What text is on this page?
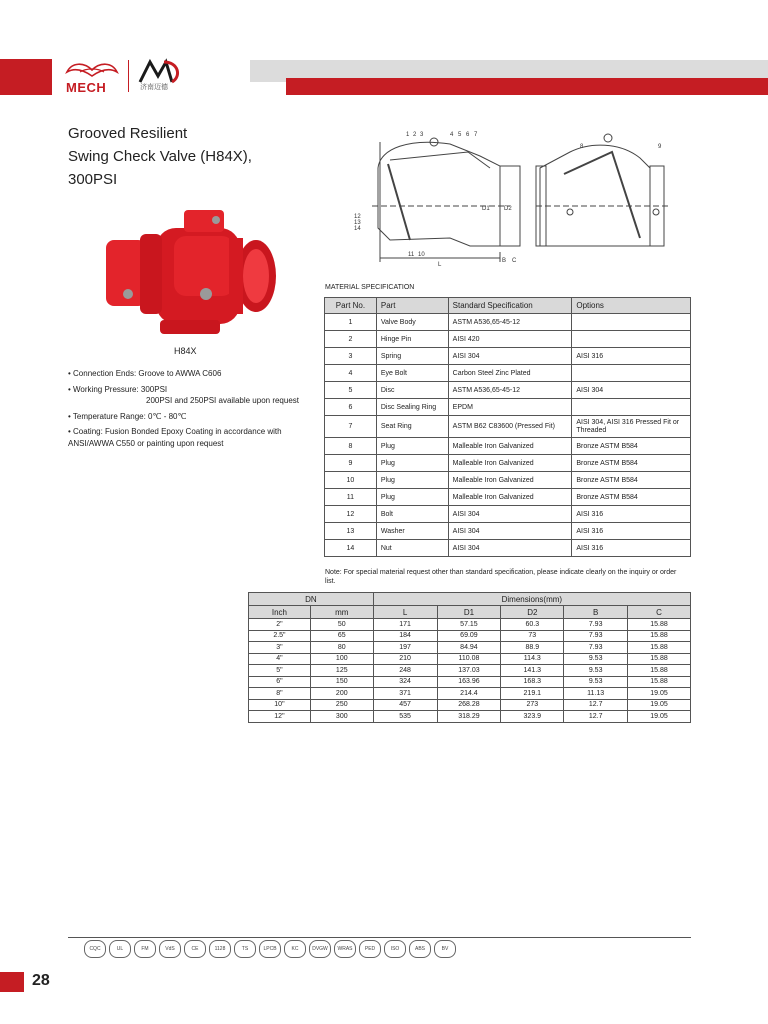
MECH	济南迈德
Grooved Resilient
Swing Check Valve (H84X),
300PSI
H84X
• Connection Ends: Groove to AWWA C606
• Working Pressure: 300PSI
200PSI and 250PSI available upon request
• Temperature Range: 0℃ - 80℃
• Coating: Fusion Bonded Epoxy Coating in accordance with ANSI/AWWA C550 or painting upon request
1 2 3	4 5 6 7
8	9
10
11
12
13
14
L
D1 D2
B C
MATERIAL SPECIFICATION
Part No.	Part	Standard Specification	Options
1	Valve Body	ASTM A536,65-45-12	
2	Hinge Pin	AISI 420	
3	Spring	AISI 304	AISI 316
4	Eye Bolt	Carbon Steel Zinc Plated	
5	Disc	ASTM A536,65-45-12	AISI 304
6	Disc Sealing Ring	EPDM	
7	Seat Ring	ASTM B62 C83600 (Pressed Fit)	AISI 304, AISI 316 Pressed Fit or Threaded
8	Plug	Malleable Iron Galvanized	Bronze ASTM B584
9	Plug	Malleable Iron Galvanized	Bronze ASTM B584
10	Plug	Malleable Iron Galvanized	Bronze ASTM B584
11	Plug	Malleable Iron Galvanized	Bronze ASTM B584
12	Bolt	AISI 304	AISI 316
13	Washer	AISI 304	AISI 316
14	Nut	AISI 304	AISI 316
Note: For special material request other than standard specification, please indicate clearly on the inquiry or order list.
DN		Dimensions(mm)				
Inch	mm	L	D1	D2	B	C
2"	50	171	57.15	60.3	7.93	15.88
2.5"	65	184	69.09	73	7.93	15.88
3"	80	197	84.94	88.9	7.93	15.88
4"	100	210	110.08	114.3	9.53	15.88
5"	125	248	137.03	141.3	9.53	15.88
6"	150	324	163.96	168.3	9.53	15.88
8"	200	371	214.4	219.1	11.13	19.05
10"	250	457	268.28	273	12.7	19.05
12"	300	535	318.29	323.9	12.7	19.05
CQC	UL	FM	VdS	CE	1128	TS	LPCB	KC	DVGW	WRAS	PED	ISO	ABS	BV
28
